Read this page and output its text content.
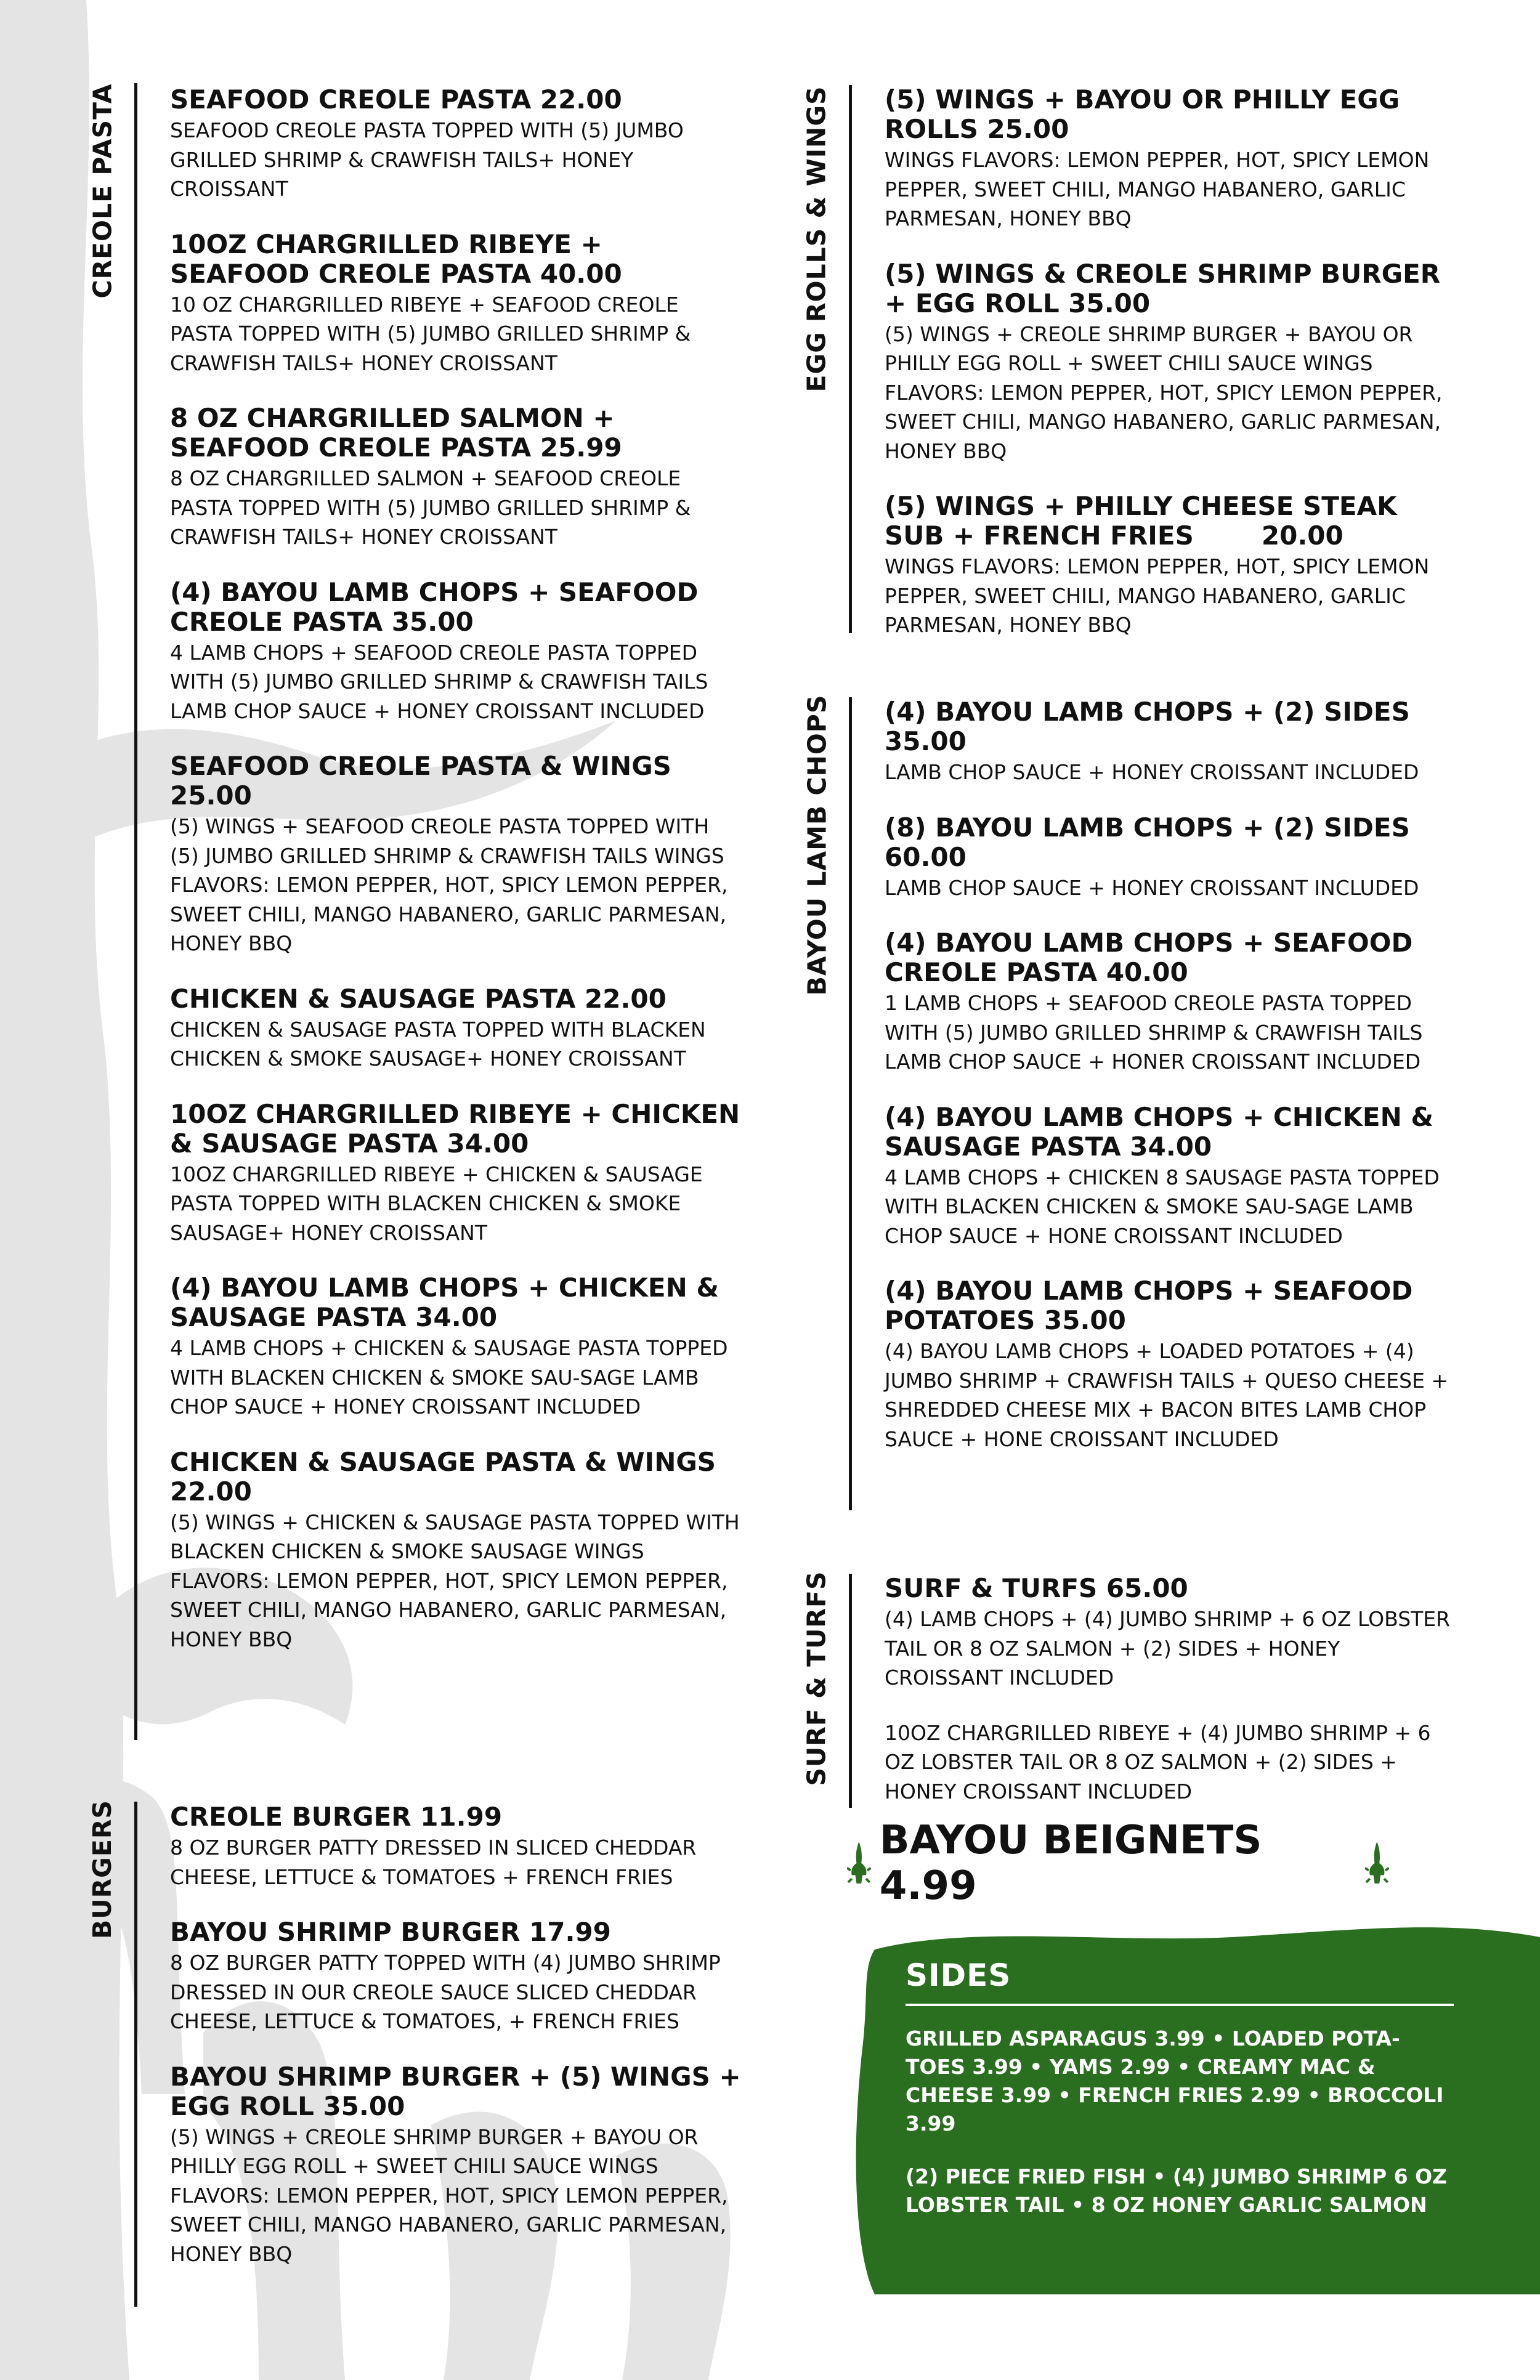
CREOLE PASTA SEAFOOD CREOLE PASTA 22.00
SEAFOOD CREOLE PASTA TOPPED WITH (5) JUMBO GRILLED SHRIMP & CRAWFISH TAILS+ HONEY CROISSANT
10OZ CHARGRILLED RIBEYE + SEAFOOD CREOLE PASTA 40.00
10 OZ CHARGRILLED RIBEYE + SEAFOOD CREOLE PASTA TOPPED WITH (5) JUMBO GRILLED SHRIMP & CRAWFISH TAILS+ HONEY CROISSANT
8 OZ CHARGRILLED SALMON + SEAFOOD CREOLE PASTA 25.99
8 OZ CHARGRILLED SALMON + SEAFOOD CREOLE PASTA TOPPED WITH (5) JUMBO GRILLED SHRIMP & CRAWFISH TAILS+ HONEY CROISSANT
(4) BAYOU LAMB CHOPS + SEAFOOD CREOLE PASTA 35.00
4 LAMB CHOPS + SEAFOOD CREOLE PASTA TOPPED WITH (5) JUMBO GRILLED SHRIMP & CRAWFISH TAILS LAMB CHOP SAUCE + HONEY CROISSANT INCLUDED
SEAFOOD CREOLE PASTA & WINGS 25.00
(5) WINGS + SEAFOOD CREOLE PASTA TOPPED WITH (5) JUMBO GRILLED SHRIMP & CRAWFISH TAILS WINGS FLAVORS: LEMON PEPPER, HOT, SPICY LEMON PEPPER, SWEET CHILI, MANGO HABANERO, GARLIC PARMESAN, HONEY BBQ
CHICKEN & SAUSAGE PASTA 22.00
CHICKEN & SAUSAGE PASTA TOPPED WITH BLACKEN CHICKEN & SMOKE SAUSAGE+ HONEY CROISSANT
10OZ CHARGRILLED RIBEYE + CHICKEN & SAUSAGE PASTA 34.00
10OZ CHARGRILLED RIBEYE + CHICKEN & SAUSAGE PASTA TOPPED WITH BLACKEN CHICKEN & SMOKE SAUSAGE+ HONEY CROISSANT
(4) BAYOU LAMB CHOPS + CHICKEN & SAUSAGE PASTA 34.00
4 LAMB CHOPS + CHICKEN & SAUSAGE PASTA TOPPED WITH BLACKEN CHICKEN & SMOKE SAU-SAGE LAMB CHOP SAUCE + HONEY CROISSANT INCLUDED
CHICKEN & SAUSAGE PASTA & WINGS 22.00
(5) WINGS + CHICKEN & SAUSAGE PASTA TOPPED WITH BLACKEN CHICKEN & SMOKE SAUSAGE WINGS FLAVORS: LEMON PEPPER, HOT, SPICY LEMON PEPPER, SWEET CHILI, MANGO HABANERO, GARLIC PARMESAN, HONEY BBQ
BURGERS CREOLE BURGER 11.99
8 OZ BURGER PATTY DRESSED IN SLICED CHEDDAR CHEESE, LETTUCE & TOMATOES + FRENCH FRIES
BAYOU SHRIMP BURGER 17.99
8 OZ BURGER PATTY TOPPED WITH (4) JUMBO SHRIMP DRESSED IN OUR CREOLE SAUCE SLICED CHEDDAR CHEESE, LETTUCE & TOMATOES, + FRENCH FRIES
BAYOU SHRIMP BURGER + (5) WINGS + EGG ROLL 35.00
(5) WINGS + CREOLE SHRIMP BURGER + BAYOU OR PHILLY EGG ROLL + SWEET CHILI SAUCE WINGS FLAVORS: LEMON PEPPER, HOT, SPICY LEMON PEPPER, SWEET CHILI, MANGO HABANERO, GARLIC PARMESAN, HONEY BBQ
EGG ROLLS & WINGS (5) WINGS + BAYOU OR PHILLY EGG ROLLS 25.00
WINGS FLAVORS: LEMON PEPPER, HOT, SPICY LEMON PEPPER, SWEET CHILI, MANGO HABANERO, GARLIC PARMESAN, HONEY BBQ
(5) WINGS & CREOLE SHRIMP BURGER + EGG ROLL 35.00
(5) WINGS + CREOLE SHRIMP BURGER + BAYOU OR PHILLY EGG ROLL + SWEET CHILI SAUCE WINGS FLAVORS: LEMON PEPPER, HOT, SPICY LEMON PEPPER, SWEET CHILI, MANGO HABANERO, GARLIC PARMESAN, HONEY BBQ
(5) WINGS + PHILLY CHEESE STEAK
SUB + FRENCH FRIES	20.00
WINGS FLAVORS: LEMON PEPPER, HOT, SPICY LEMON PEPPER, SWEET CHILI, MANGO HABANERO, GARLIC PARMESAN, HONEY BBQ
BAYOU LAMB CHOPS (4) BAYOU LAMB CHOPS + (2) SIDES 35.00
LAMB CHOP SAUCE + HONEY CROISSANT INCLUDED
(8) BAYOU LAMB CHOPS + (2) SIDES 60.00
LAMB CHOP SAUCE + HONEY CROISSANT INCLUDED
(4) BAYOU LAMB CHOPS + SEAFOOD CREOLE PASTA 40.00
1 LAMB CHOPS + SEAFOOD CREOLE PASTA TOPPED WITH (5) JUMBO GRILLED SHRIMP & CRAWFISH TAILS LAMB CHOP SAUCE + HONER CROISSANT INCLUDED
(4) BAYOU LAMB CHOPS + CHICKEN & SAUSAGE PASTA 34.00
4 LAMB CHOPS + CHICKEN 8 SAUSAGE PASTA TOPPED WITH BLACKEN CHICKEN & SMOKE SAU-SAGE LAMB CHOP SAUCE + HONE CROISSANT INCLUDED
(4) BAYOU LAMB CHOPS + SEAFOOD POTATOES 35.00
(4) BAYOU LAMB CHOPS + LOADED POTATOES + (4) JUMBO SHRIMP + CRAWFISH TAILS + QUESO CHEESE + SHREDDED CHEESE MIX + BACON BITES LAMB CHOP SAUCE + HONE CROISSANT INCLUDED
SURF & TURFS SURF & TURFS 65.00
(4) LAMB CHOPS + (4) JUMBO SHRIMP + 6 OZ LOBSTER TAIL OR 8 OZ SALMON + (2) SIDES + HONEY CROISSANT INCLUDED
10OZ CHARGRILLED RIBEYE + (4) JUMBO SHRIMP + 6 OZ LOBSTER TAIL OR 8 OZ SALMON + (2) SIDES + HONEY CROISSANT INCLUDED
BAYOU BEIGNETS 4.99
SIDES
GRILLED ASPARAGUS 3.99 • LOADED POTA-TOES 3.99 • YAMS 2.99 • CREAMY MAC & CHEESE 3.99 • FRENCH FRIES 2.99 • BROCCOLI 3.99
(2) PIECE FRIED FISH • (4) JUMBO SHRIMP 6 OZ LOBSTER TAIL • 8 OZ HONEY GARLIC SALMON
